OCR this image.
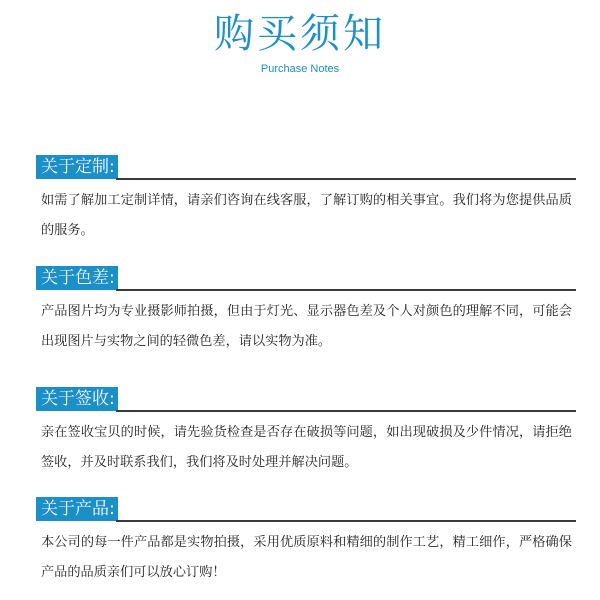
购买须知
Purchase Notes
关于定制:
如需了解加工定制详情，请亲们咨询在线客服，了解订购的相关事宜。我们将为您提供品质的服务。
关于色差:
产品图片均为专业摄影师拍摄，但由于灯光、显示器色差及个人对颜色的理解不同，可能会出现图片与实物之间的轻微色差，请以实物为准。
关于签收:
亲在签收宝贝的时候，请先验货检查是否存在破损等问题，如出现破损及少件情况，请拒绝签收，并及时联系我们，我们将及时处理并解决问题。
关于产品:
本公司的每一件产品都是实物拍摄，采用优质原料和精细的制作工艺，精工细作，严格确保产品的品质亲们可以放心订购！
